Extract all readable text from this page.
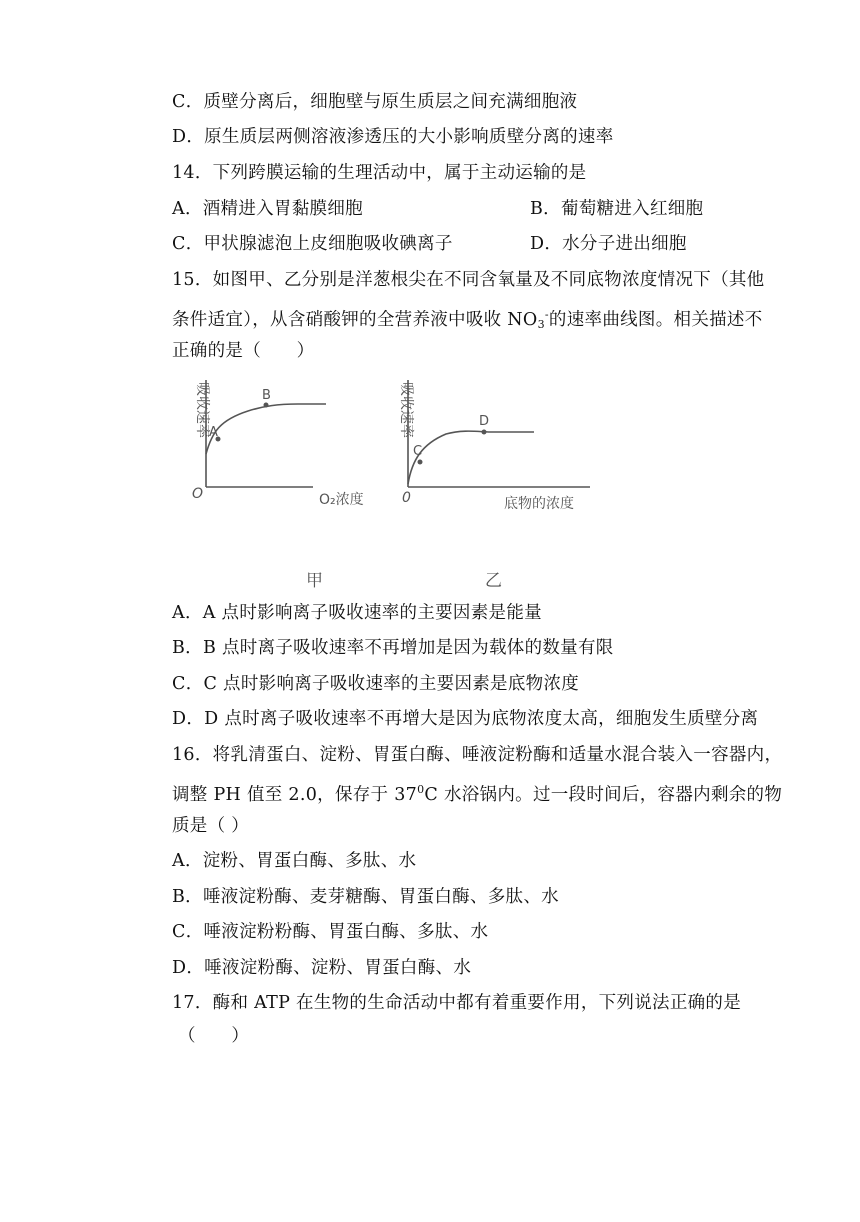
C．质壁分离后，细胞壁与原生质层之间充满细胞液
D．原生质层两侧溶液渗透压的大小影响质壁分离的速率
14．下列跨膜运输的生理活动中，属于主动运输的是
A．酒精进入胃黏膜细胞	B．葡萄糖进入红细胞
C．甲状腺滤泡上皮细胞吸收碘离子	D．水分子进出细胞
15．如图甲、乙分别是洋葱根尖在不同含氧量及不同底物浓度情况下（其他
条件适宜），从含硝酸钾的全营养液中吸收 $NO_3^-$的速率曲线图。相关描述不
正确的是（　　）
吸收速率 A
B
O	O₂浓度
吸收速率
C
D
0	底物的浓度
甲	乙
A．A 点时影响离子吸收速率的主要因素是能量
B．B 点时离子吸收速率不再增加是因为载体的数量有限
C．C 点时影响离子吸收速率的主要因素是底物浓度
D．D 点时离子吸收速率不再增大是因为底物浓度太高，细胞发生质壁分离
16．将乳清蛋白、淀粉、胃蛋白酶、唾液淀粉酶和适量水混合装入一容器内，
调整 PH 值至 2.0，保存于 $37^0C$ 水浴锅内。过一段时间后，容器内剩余的物
质是（ ）
A．淀粉、胃蛋白酶、多肽、水
B．唾液淀粉酶、麦芽糖酶、胃蛋白酶、多肽、水
C．唾液淀粉粉酶、胃蛋白酶、多肽、水
D．唾液淀粉酶、淀粉、胃蛋白酶、水
17．酶和 ATP 在生物的生命活动中都有着重要作用，下列说法正确的是
（　　）
